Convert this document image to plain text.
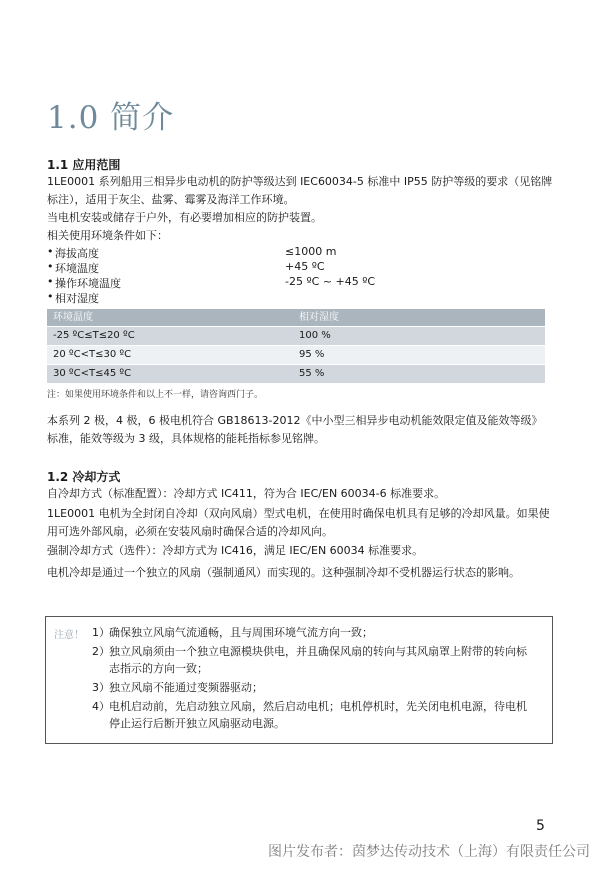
1.0 简介
1.1 应用范围
1LE0001 系列船用三相异步电动机的防护等级达到 IEC60034-5 标准中 IP55 防护等级的要求（见铭牌标注），适用于灰尘、盐雾、霉雾及海洋工作环境。
当电机安装或储存于户外，有必要增加相应的防护装置。
相关使用环境条件如下：
• 海拔高度	≤1000 m
• 环境温度	+45 ºC
• 操作环境温度	-25 ºC ~ +45 ºC
• 相对湿度
环境温度	相对湿度
-25 ºC≤T≤20 ºC	100 %
20 ºC<T≤30 ºC	95 %
30 ºC<T≤45 ºC	55 %
注：如果使用环境条件和以上不一样，请咨询西门子。
本系列 2 极，4 极，6 极电机符合 GB18613-2012《中小型三相异步电动机能效限定值及能效等级》标准，能效等级为 3 级，具体规格的能耗指标参见铭牌。
1.2 冷却方式
自冷却方式（标准配置）：冷却方式 IC411，符为合 IEC/EN 60034-6 标准要求。
1LE0001 电机为全封闭自冷却（双向风扇）型式电机，在使用时确保电机具有足够的冷却风量。如果使用可选外部风扇，必须在安装风扇时确保合适的冷却风向。
强制冷却方式（选件）：冷却方式为 IC416，满足 IEC/EN 60034 标准要求。
电机冷却是通过一个独立的风扇（强制通风）而实现的。这种强制冷却不受机器运行状态的影响。
注意！ 1） 确保独立风扇气流通畅，且与周围环境气流方向一致；
2） 独立风扇须由一个独立电源模块供电，并且确保风扇的转向与其风扇罩上附带的转向标志指示的方向一致；
3） 独立风扇不能通过变频器驱动；
4） 电机启动前，先启动独立风扇，然后启动电机；电机停机时，先关闭电机电源，待电机停止运行后断开独立风扇驱动电源。
5
图片发布者：茵梦达传动技术（上海）有限责任公司
